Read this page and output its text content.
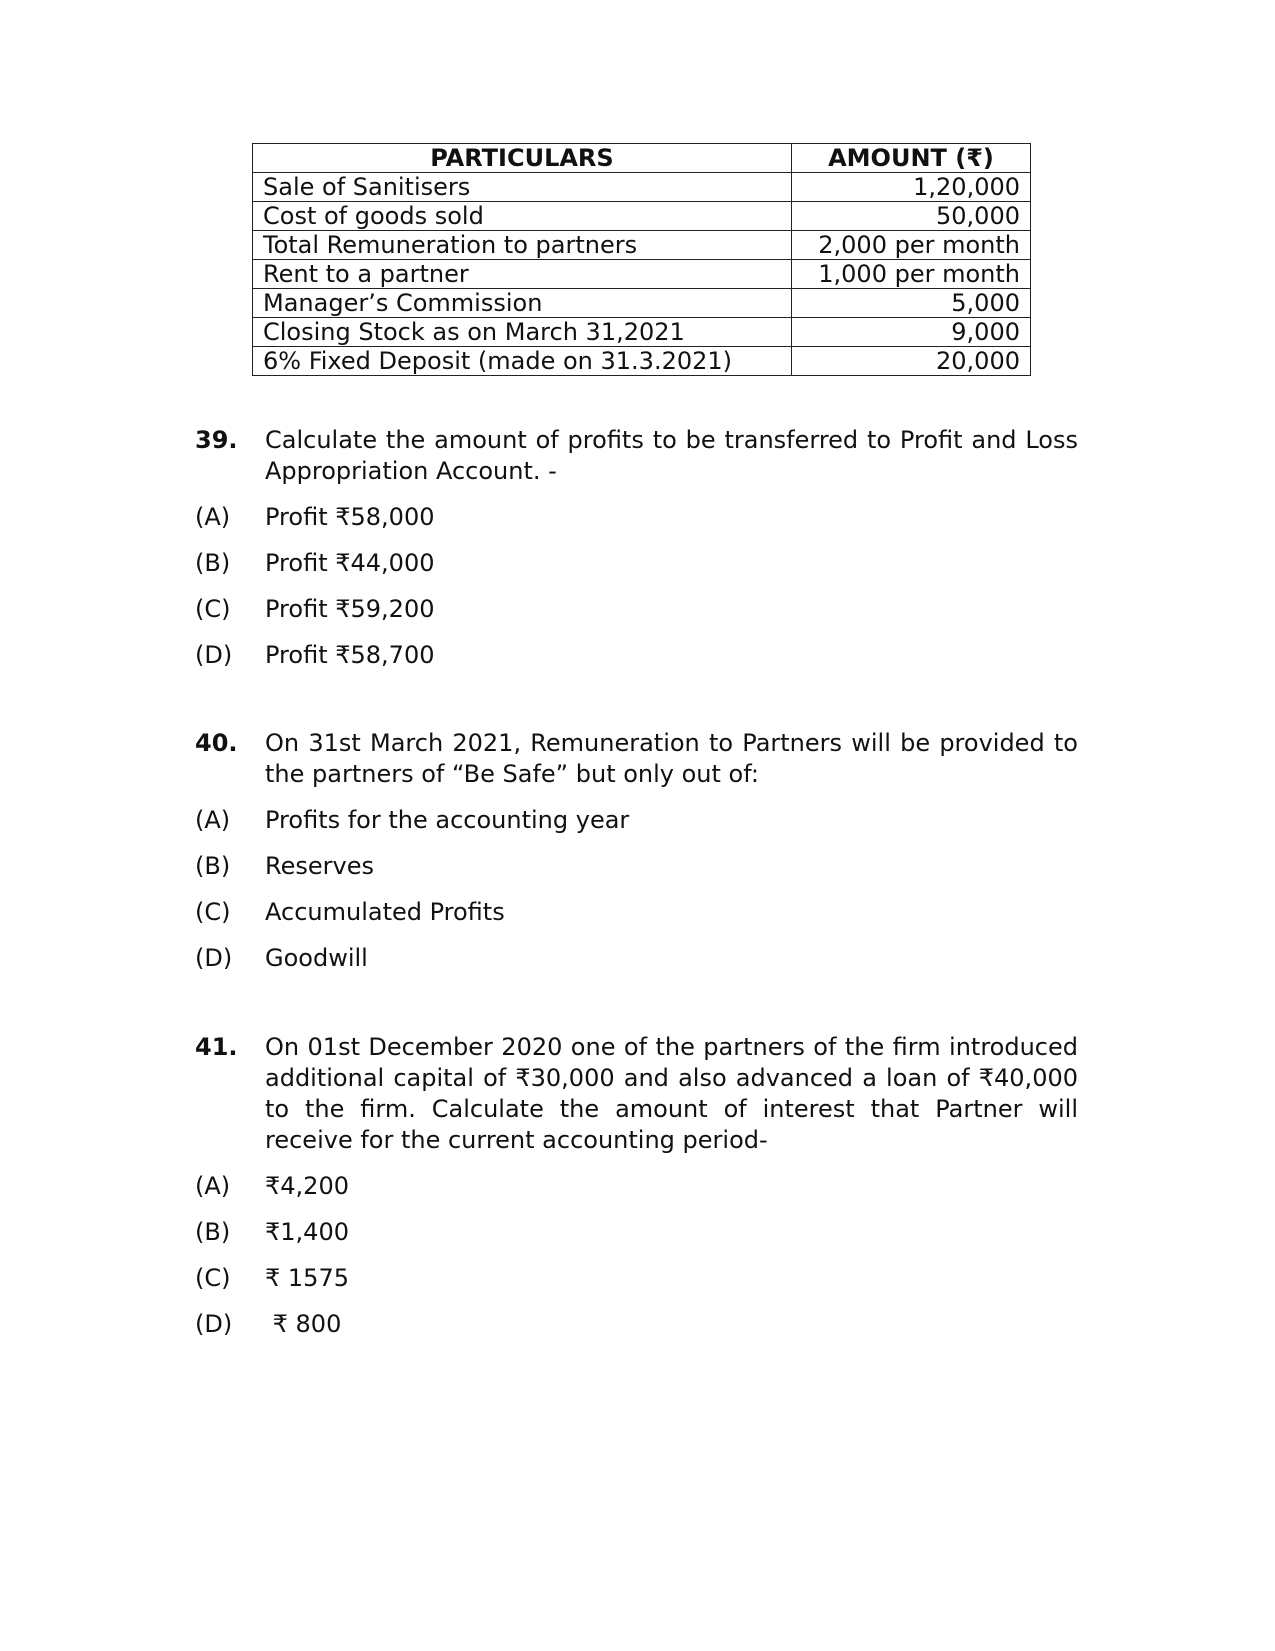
PARTICULARS	AMOUNT (₹)
Sale of Sanitisers	1,20,000
Cost of goods sold	50,000
Total Remuneration to partners	2,000 per month
Rent to a partner	1,000 per month
Manager’s Commission	5,000
Closing Stock as on March 31,2021	9,000
6% Fixed Deposit (made on 31.3.2021)	20,000
39.	Calculate the amount of profits to be transferred to Profit and Loss Appropriation Account. -
(A)	Profit ₹58,000
(B)	Profit ₹44,000
(C)	Profit ₹59,200
(D)	Profit ₹58,700
40.	On 31st March 2021, Remuneration to Partners will be provided to the partners of “Be Safe” but only out of:
(A)	Profits for the accounting year
(B)	Reserves
(C)	Accumulated Profits
(D)	Goodwill
41.	On 01st December 2020 one of the partners of the firm introduced additional capital of ₹30,000 and also advanced a loan of ₹40,000 to the firm. Calculate the amount of interest that Partner will receive for the current accounting period-
(A)	₹4,200
(B)	₹1,400
(C)	₹ 1575
(D)	₹ 800
